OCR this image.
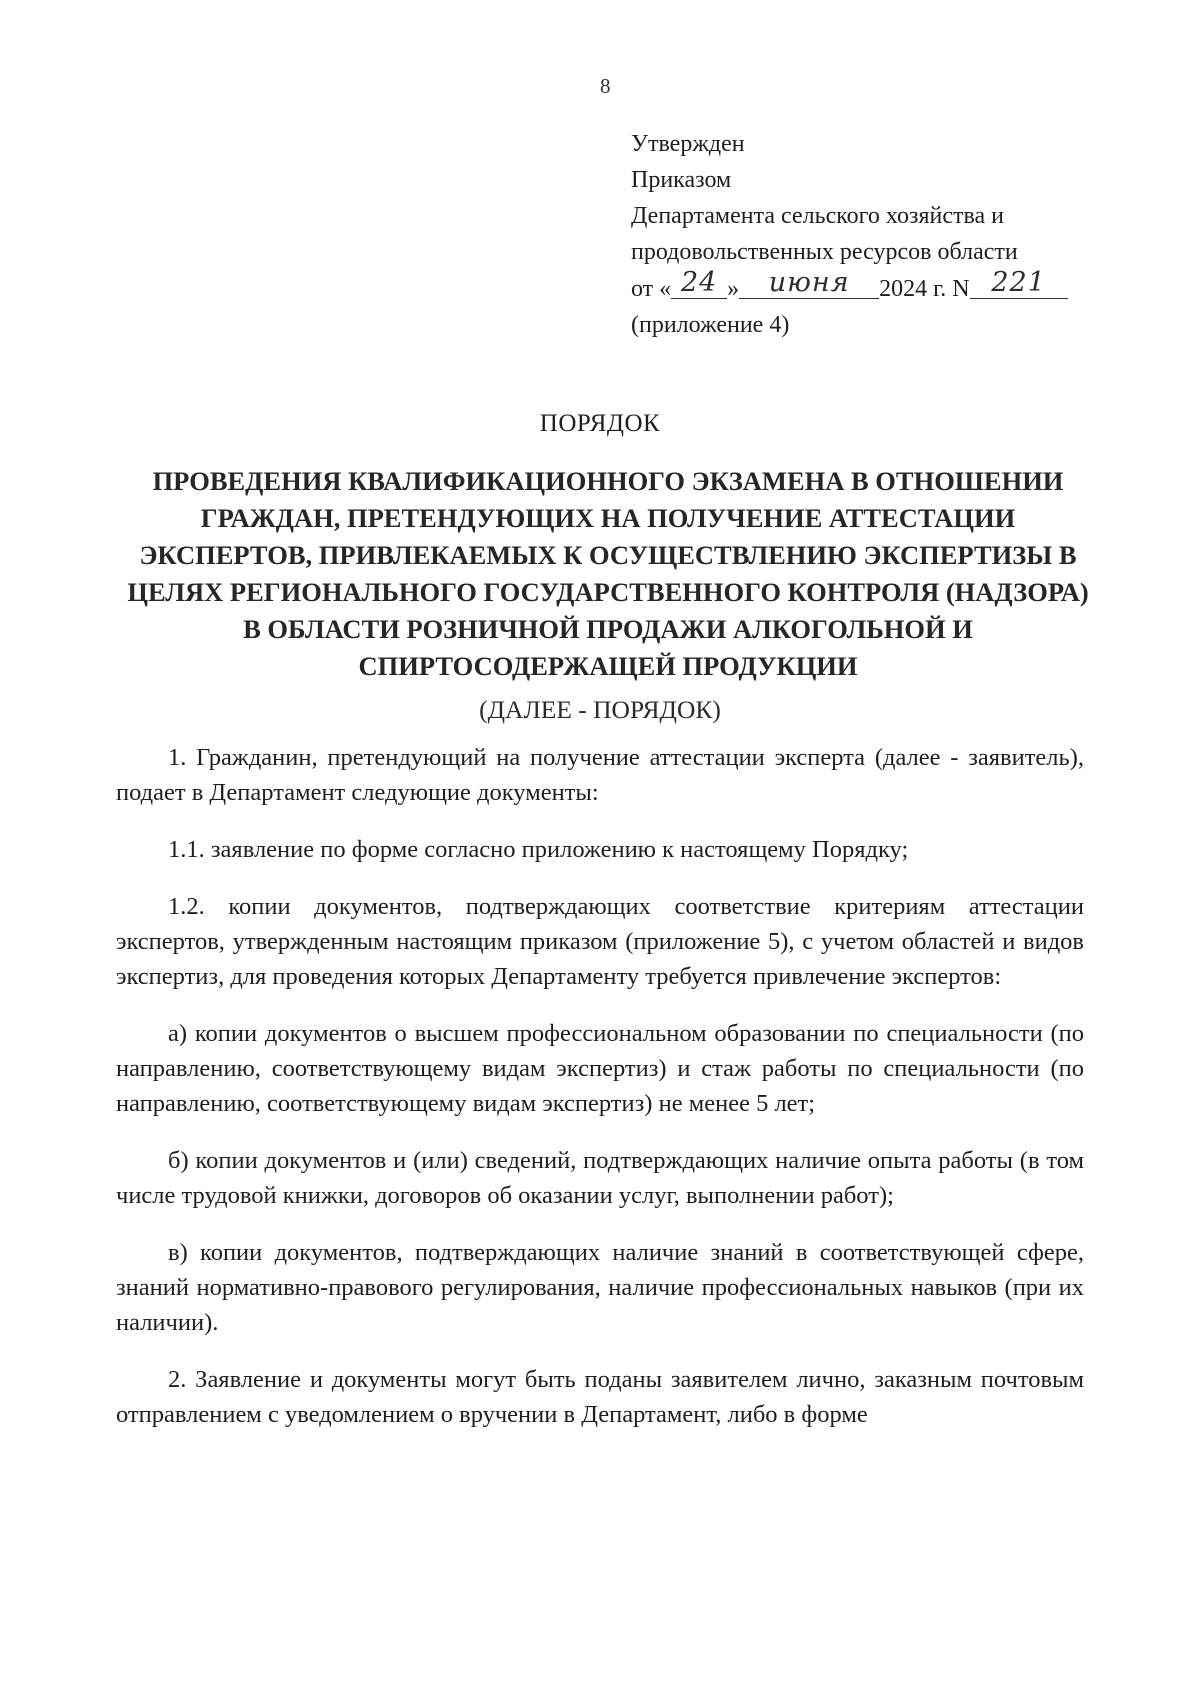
8
Утвержден
Приказом
Департамента сельского хозяйства и
продовольственных ресурсов области
от « 24 » июня 2024 г. N 221
(приложение 4)
ПОРЯДОК
ПРОВЕДЕНИЯ КВАЛИФИКАЦИОННОГО ЭКЗАМЕНА В ОТНОШЕНИИ ГРАЖДАН, ПРЕТЕНДУЮЩИХ НА ПОЛУЧЕНИЕ АТТЕСТАЦИИ ЭКСПЕРТОВ, ПРИВЛЕКАЕМЫХ К ОСУЩЕСТВЛЕНИЮ ЭКСПЕРТИЗЫ В ЦЕЛЯХ РЕГИОНАЛЬНОГО ГОСУДАРСТВЕННОГО КОНТРОЛЯ (НАДЗОРА) В ОБЛАСТИ РОЗНИЧНОЙ ПРОДАЖИ АЛКОГОЛЬНОЙ И СПИРТОСОДЕРЖАЩЕЙ ПРОДУКЦИИ
(ДАЛЕЕ - ПОРЯДОК)

1. Гражданин, претендующий на получение аттестации эксперта (далее - заявитель), подает в Департамент следующие документы:

1.1. заявление по форме согласно приложению к настоящему Порядку;

1.2. копии документов, подтверждающих соответствие критериям аттестации экспертов, утвержденным настоящим приказом (приложение 5), с учетом областей и видов экспертиз, для проведения которых Департаменту требуется привлечение экспертов:

а) копии документов о высшем профессиональном образовании по специальности (по направлению, соответствующему видам экспертиз) и стаж работы по специальности (по направлению, соответствующему видам экспертиз) не менее 5 лет;

б) копии документов и (или) сведений, подтверждающих наличие опыта работы (в том числе трудовой книжки, договоров об оказании услуг, выполнении работ);

в) копии документов, подтверждающих наличие знаний в соответствующей сфере, знаний нормативно-правового регулирования, наличие профессиональных навыков (при их наличии).

2. Заявление и документы могут быть поданы заявителем лично, заказным почтовым отправлением с уведомлением о вручении в Департамент, либо в форме
